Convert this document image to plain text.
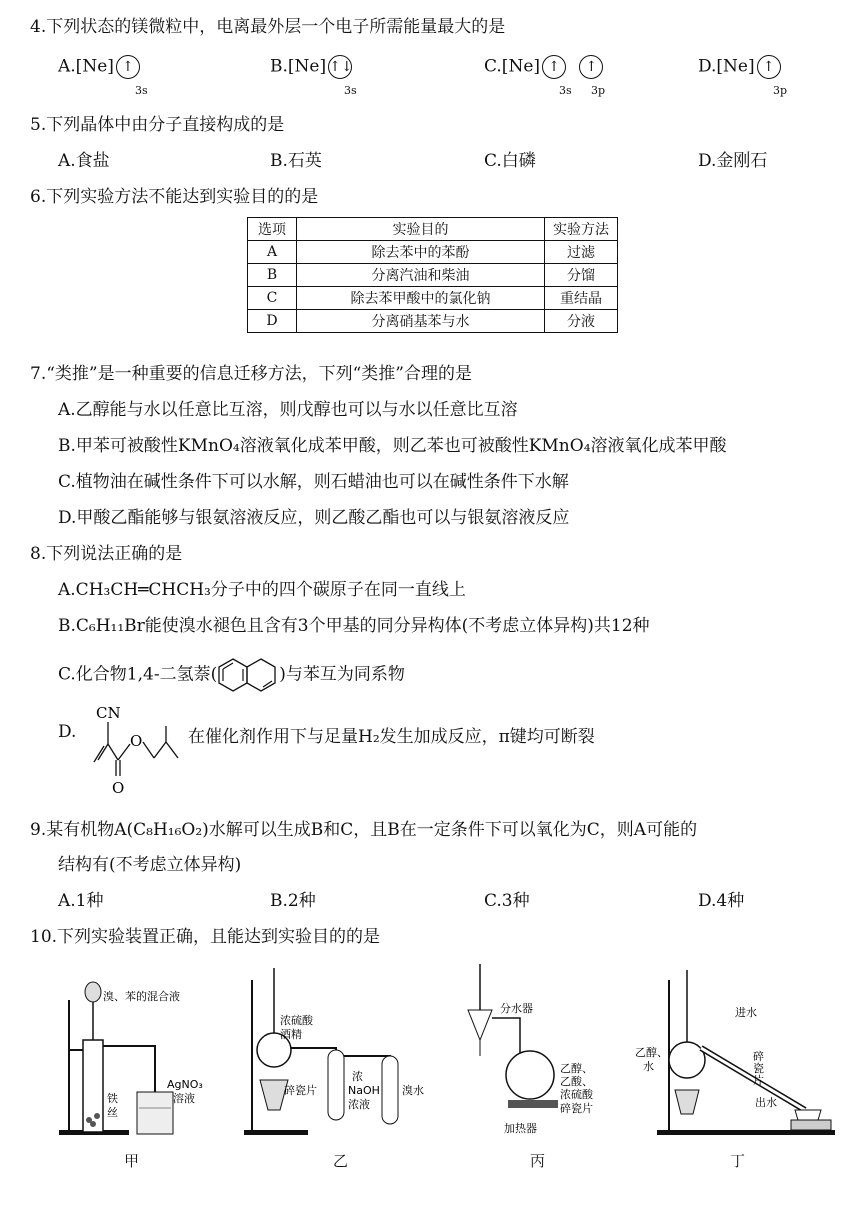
4.下列状态的镁微粒中，电离最外层一个电子所需能量最大的是
A.[Ne] ↑
3s
B.[Ne] ↑↓
3s
C.[Ne] ↑ ↑
3s 3p
D.[Ne] ↑
3p
5.下列晶体中由分子直接构成的是
A.食盐	B.石英	C.白磷	D.金刚石
6.下列实验方法不能达到实验目的的是
选项	实验目的	实验方法
A	除去苯中的苯酚	过滤
B	分离汽油和柴油	分馏
C	除去苯甲酸中的氯化钠	重结晶
D	分离硝基苯与水	分液
7.“类推”是一种重要的信息迁移方法，下列“类推”合理的是
A.乙醇能与水以任意比互溶，则戊醇也可以与水以任意比互溶
B.甲苯可被酸性KMnO₄溶液氧化成苯甲酸，则乙苯也可被酸性KMnO₄溶液氧化成苯甲酸
C.植物油在碱性条件下可以水解，则石蜡油也可以在碱性条件下水解
D.甲酸乙酯能够与银氨溶液反应，则乙酸乙酯也可以与银氨溶液反应
8.下列说法正确的是
A.CH₃CH═CHCH₃分子中的四个碳原子在同一直线上
B.C₆H₁₁Br能使溴水褪色且含有3个甲基的同分异构体(不考虑立体异构)共12种
C.化合物1,4-二氢萘(	)与苯互为同系物
D.
CN
O
O
在催化剂作用下与足量H₂发生加成反应，π键均可断裂
9.某有机物A(C₈H₁₆O₂)水解可以生成B和C，且B在一定条件下可以氧化为C，则A可能的
结构有(不考虑立体异构)
A.1种	B.2种	C.3种	D.4种
10.下列实验装置正确，且能达到实验目的的是
溴、苯的混合液
铁
丝
AgNO₃
溶液
浓硫酸
酒精
碎瓷片
浓
NaOH
浓液
溴水
分水器
乙醇、
乙酸、
浓硫酸
碎瓷片
加热器
进水
乙醇、
水
碎
瓷
片
出水
甲	乙	丙	丁
